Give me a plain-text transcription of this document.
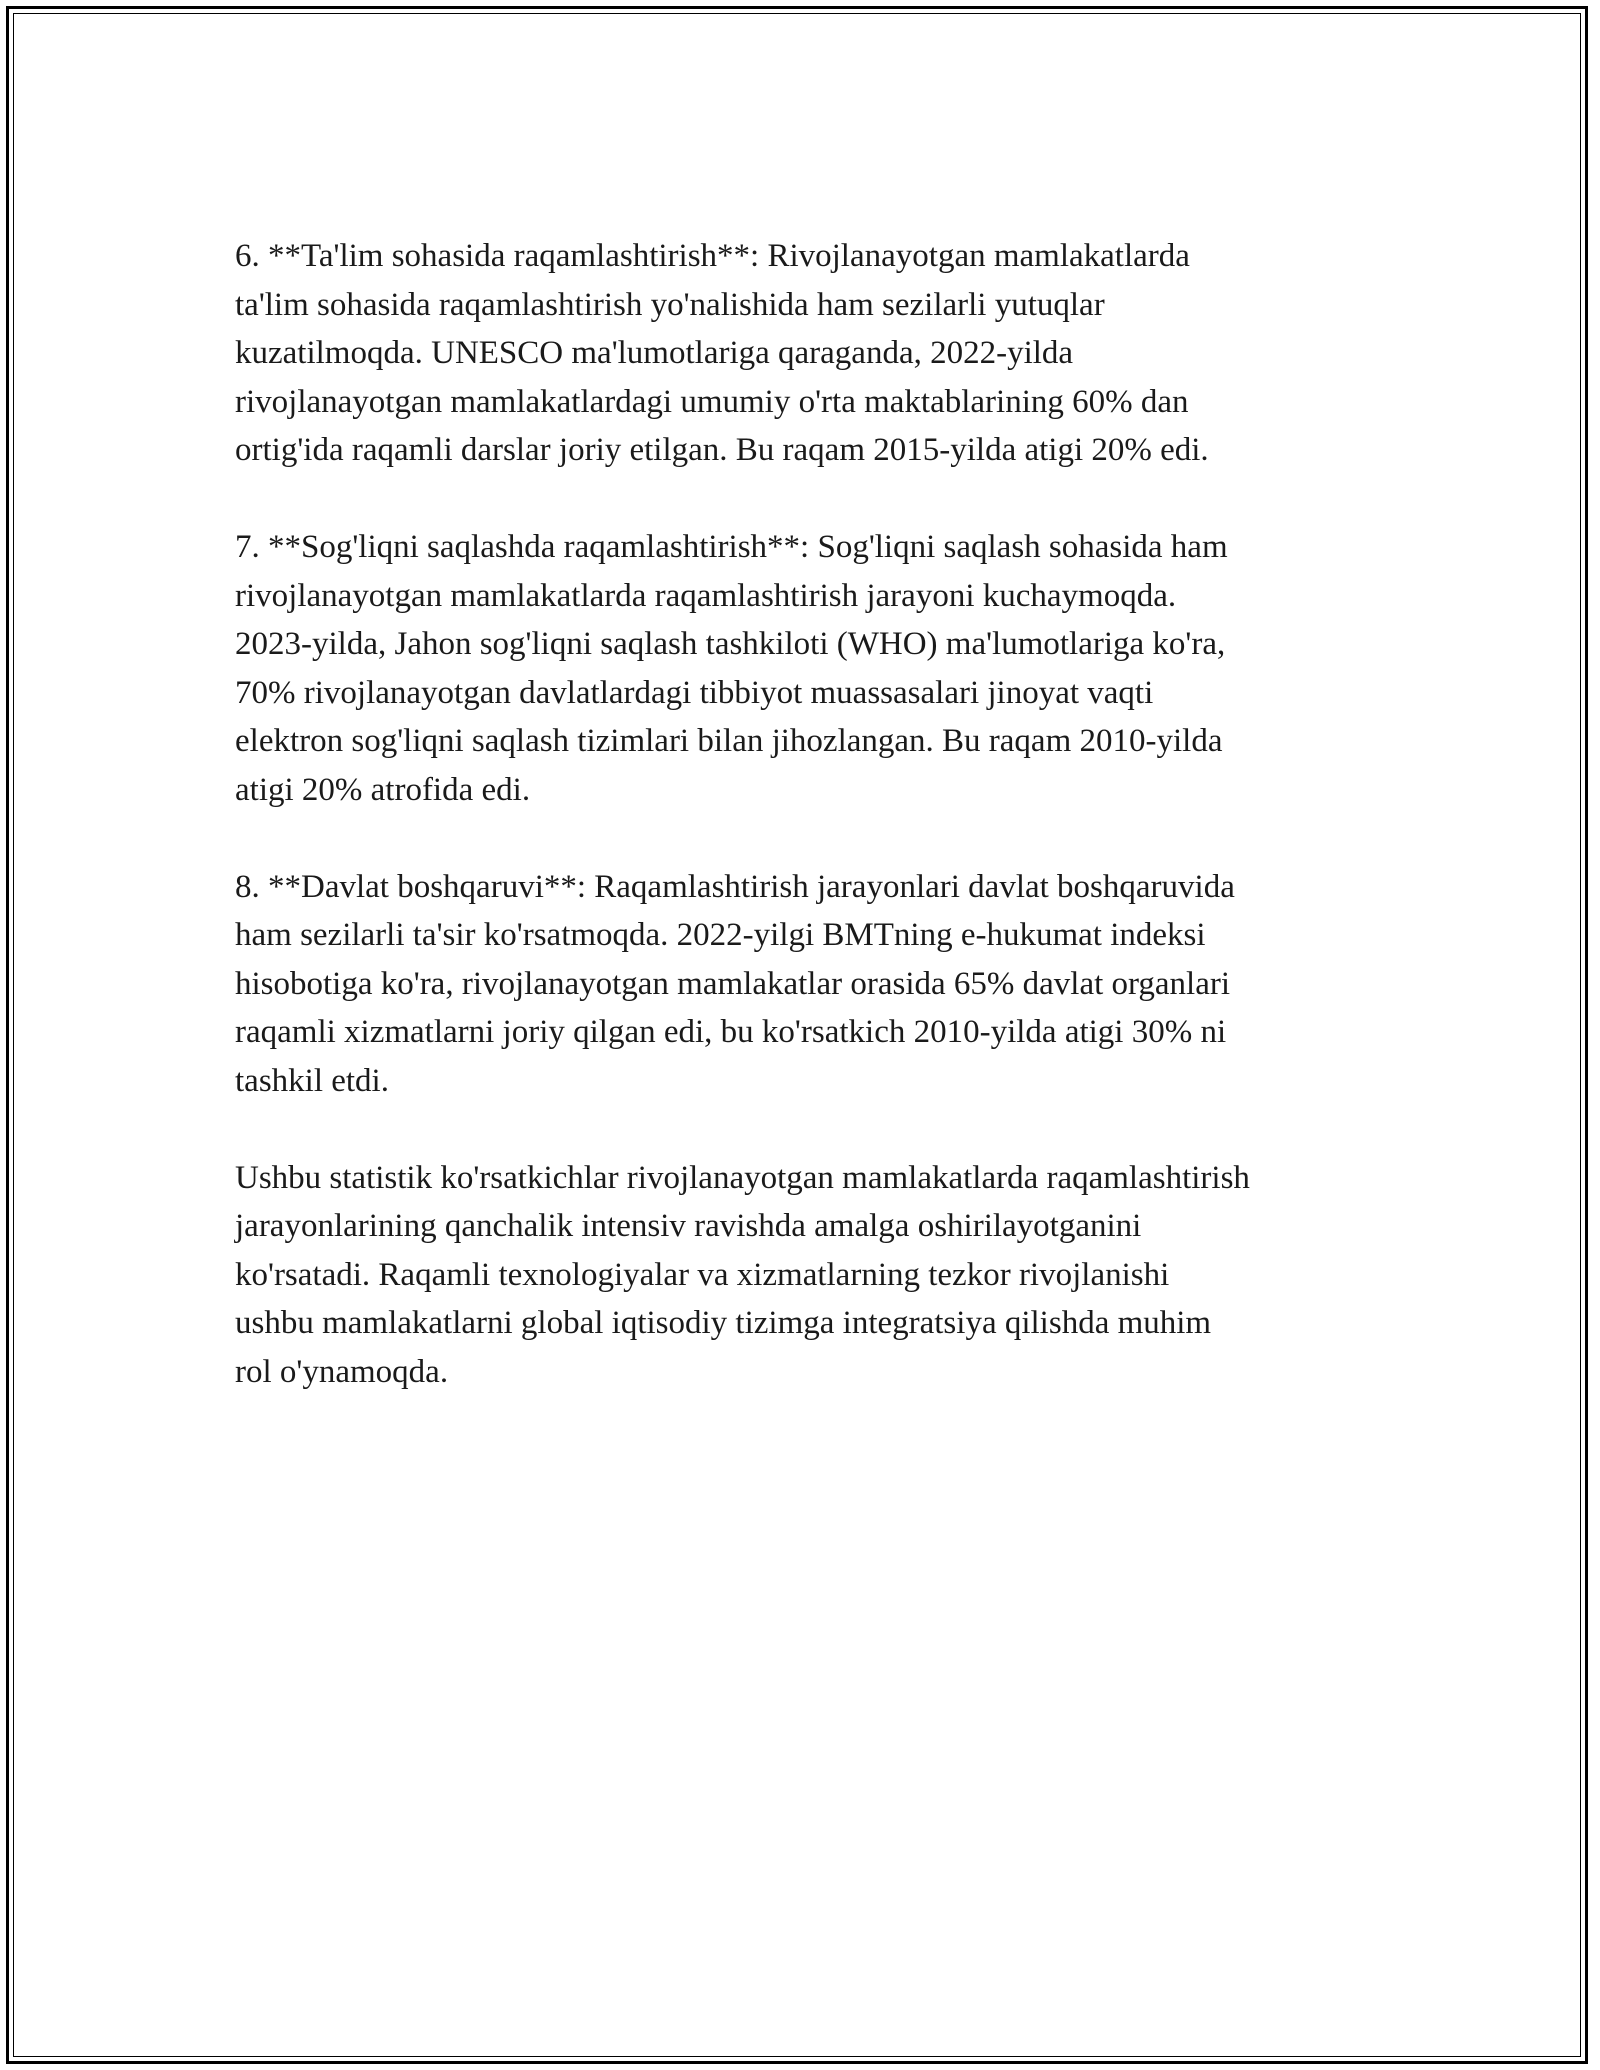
6. **Ta'lim sohasida raqamlashtirish**: Rivojlanayotgan mamlakatlarda
ta'lim sohasida raqamlashtirish yo'nalishida ham sezilarli yutuqlar
kuzatilmoqda. UNESCO ma'lumotlariga qaraganda, 2022-yilda
rivojlanayotgan mamlakatlardagi umumiy o'rta maktablarining 60% dan
ortig'ida raqamli darslar joriy etilgan. Bu raqam 2015-yilda atigi 20% edi.

7. **Sog'liqni saqlashda raqamlashtirish**: Sog'liqni saqlash sohasida ham
rivojlanayotgan mamlakatlarda raqamlashtirish jarayoni kuchaymoqda.
2023-yilda, Jahon sog'liqni saqlash tashkiloti (WHO) ma'lumotlariga ko'ra,
70% rivojlanayotgan davlatlardagi tibbiyot muassasalari jinoyat vaqti
elektron sog'liqni saqlash tizimlari bilan jihozlangan. Bu raqam 2010-yilda
atigi 20% atrofida edi.

8. **Davlat boshqaruvi**: Raqamlashtirish jarayonlari davlat boshqaruvida
ham sezilarli ta'sir ko'rsatmoqda. 2022-yilgi BMTning e-hukumat indeksi
hisobotiga ko'ra, rivojlanayotgan mamlakatlar orasida 65% davlat organlari
raqamli xizmatlarni joriy qilgan edi, bu ko'rsatkich 2010-yilda atigi 30% ni
tashkil etdi.

Ushbu statistik ko'rsatkichlar rivojlanayotgan mamlakatlarda raqamlashtirish
jarayonlarining qanchalik intensiv ravishda amalga oshirilayotganini
ko'rsatadi. Raqamli texnologiyalar va xizmatlarning tezkor rivojlanishi
ushbu mamlakatlarni global iqtisodiy tizimga integratsiya qilishda muhim
rol o'ynamoqda.
